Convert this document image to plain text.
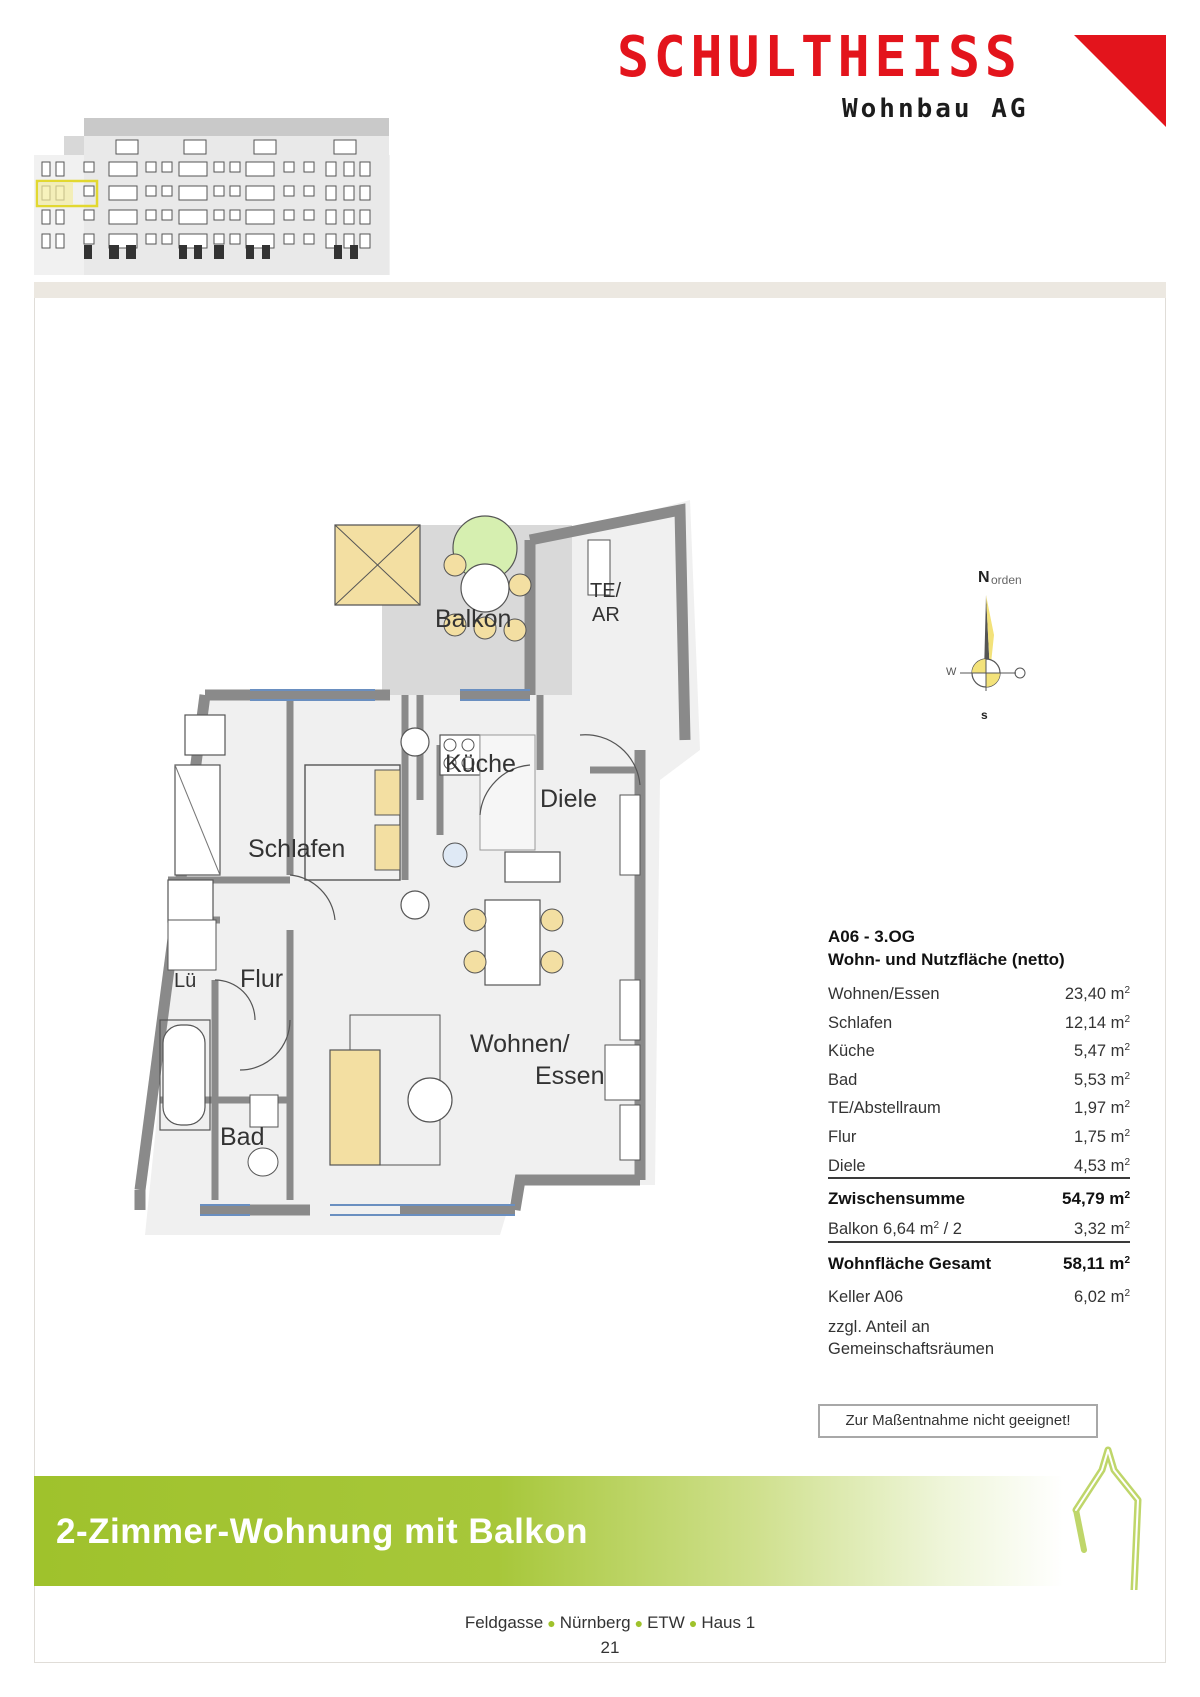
SCHULTHEISS
Wohnbau AG
Balkon
TE/
AR
Küche
Diele
Schlafen
Flur
Lü
Wohnen/
Essen
Bad
N orden
W
s
A06 - 3.OG
Wohn- und Nutzfläche (netto)
Wohnen/Essen	23,40 $m^2$
Schlafen	12,14 $m^2$
Küche	5,47 $m^2$
Bad	5,53 $m^2$
TE/Abstellraum	1,97 $m^2$
Flur	1,75 $m^2$
Diele	4,53 $m^2$
Zwischensumme	54,79 $m^2$
Balkon 6,64 $m^2 / 2$	3,32 $m^2$
Wohnfläche Gesamt	58,11 $m^2$
Keller A06	6,02 $m^2$
zzgl. Anteil an
Gemeinschaftsräumen
Zur Maßentnahme nicht geeignet!
2-Zimmer-Wohnung mit Balkon
Feldgasse ● Nürnberg ● ETW ● Haus 1
21
